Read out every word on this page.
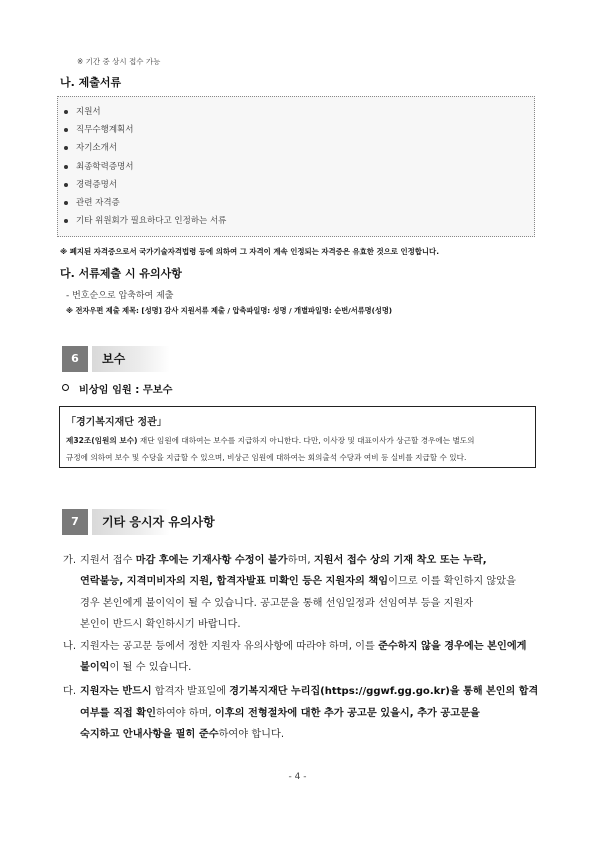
※ 기간 중 상시 접수 가능
나. 제출서류
지원서
직무수행계획서
자기소개서
최종학력증명서
경력증명서
관련 자격증
기타 위원회가 필요하다고 인정하는 서류
※ 폐지된 자격증으로서 국가기술자격법령 등에 의하여 그 자격이 계속 인정되는 자격증은 유효한 것으로 인정합니다.
다. 서류제출 시 유의사항
- 번호순으로 압축하여 제출
※ 전자우편 제출 제목: [성명] 감사 지원서류 제출 / 압축파일명: 성명 / 개별파일명: 순번/서류명(성명)
6	보수
비상임 임원 : 무보수
「경기복지재단 정관」
제32조(임원의 보수) 재단 임원에 대하여는 보수를 지급하지 아니한다. 다만, 이사장 및 대표이사가 상근할 경우에는 별도의
규정에 의하여 보수 및 수당을 지급할 수 있으며, 비상근 임원에 대하여는 회의출석 수당과 여비 등 실비를 지급할 수 있다.
7	기타 응시자 유의사항
가. 지원서 접수 마감 후에는 기재사항 수정이 불가하며, 지원서 접수 상의 기재 착오 또는 누락,
연락불능, 지격미비자의 지원, 합격자발표 미확인 등은 지원자의 책임이므로 이를 확인하지 않았을
경우 본인에게 불이익이 될 수 있습니다. 공고문을 통해 선임일정과 선임여부 등을 지원자
본인이 반드시 확인하시기 바랍니다.
나. 지원자는 공고문 등에서 정한 지원자 유의사항에 따라야 하며, 이를 준수하지 않을 경우에는 본인에게
불이익이 될 수 있습니다.
다. 지원자는 반드시 합격자 발표일에 경기복지재단 누리집(https://ggwf.gg.go.kr)을 통해 본인의 합격
여부를 직접 확인하여야 하며, 이후의 전형절차에 대한 추가 공고문 있을시, 추가 공고문을
숙지하고 안내사항을 필히 준수하여야 합니다.
- 4 -
